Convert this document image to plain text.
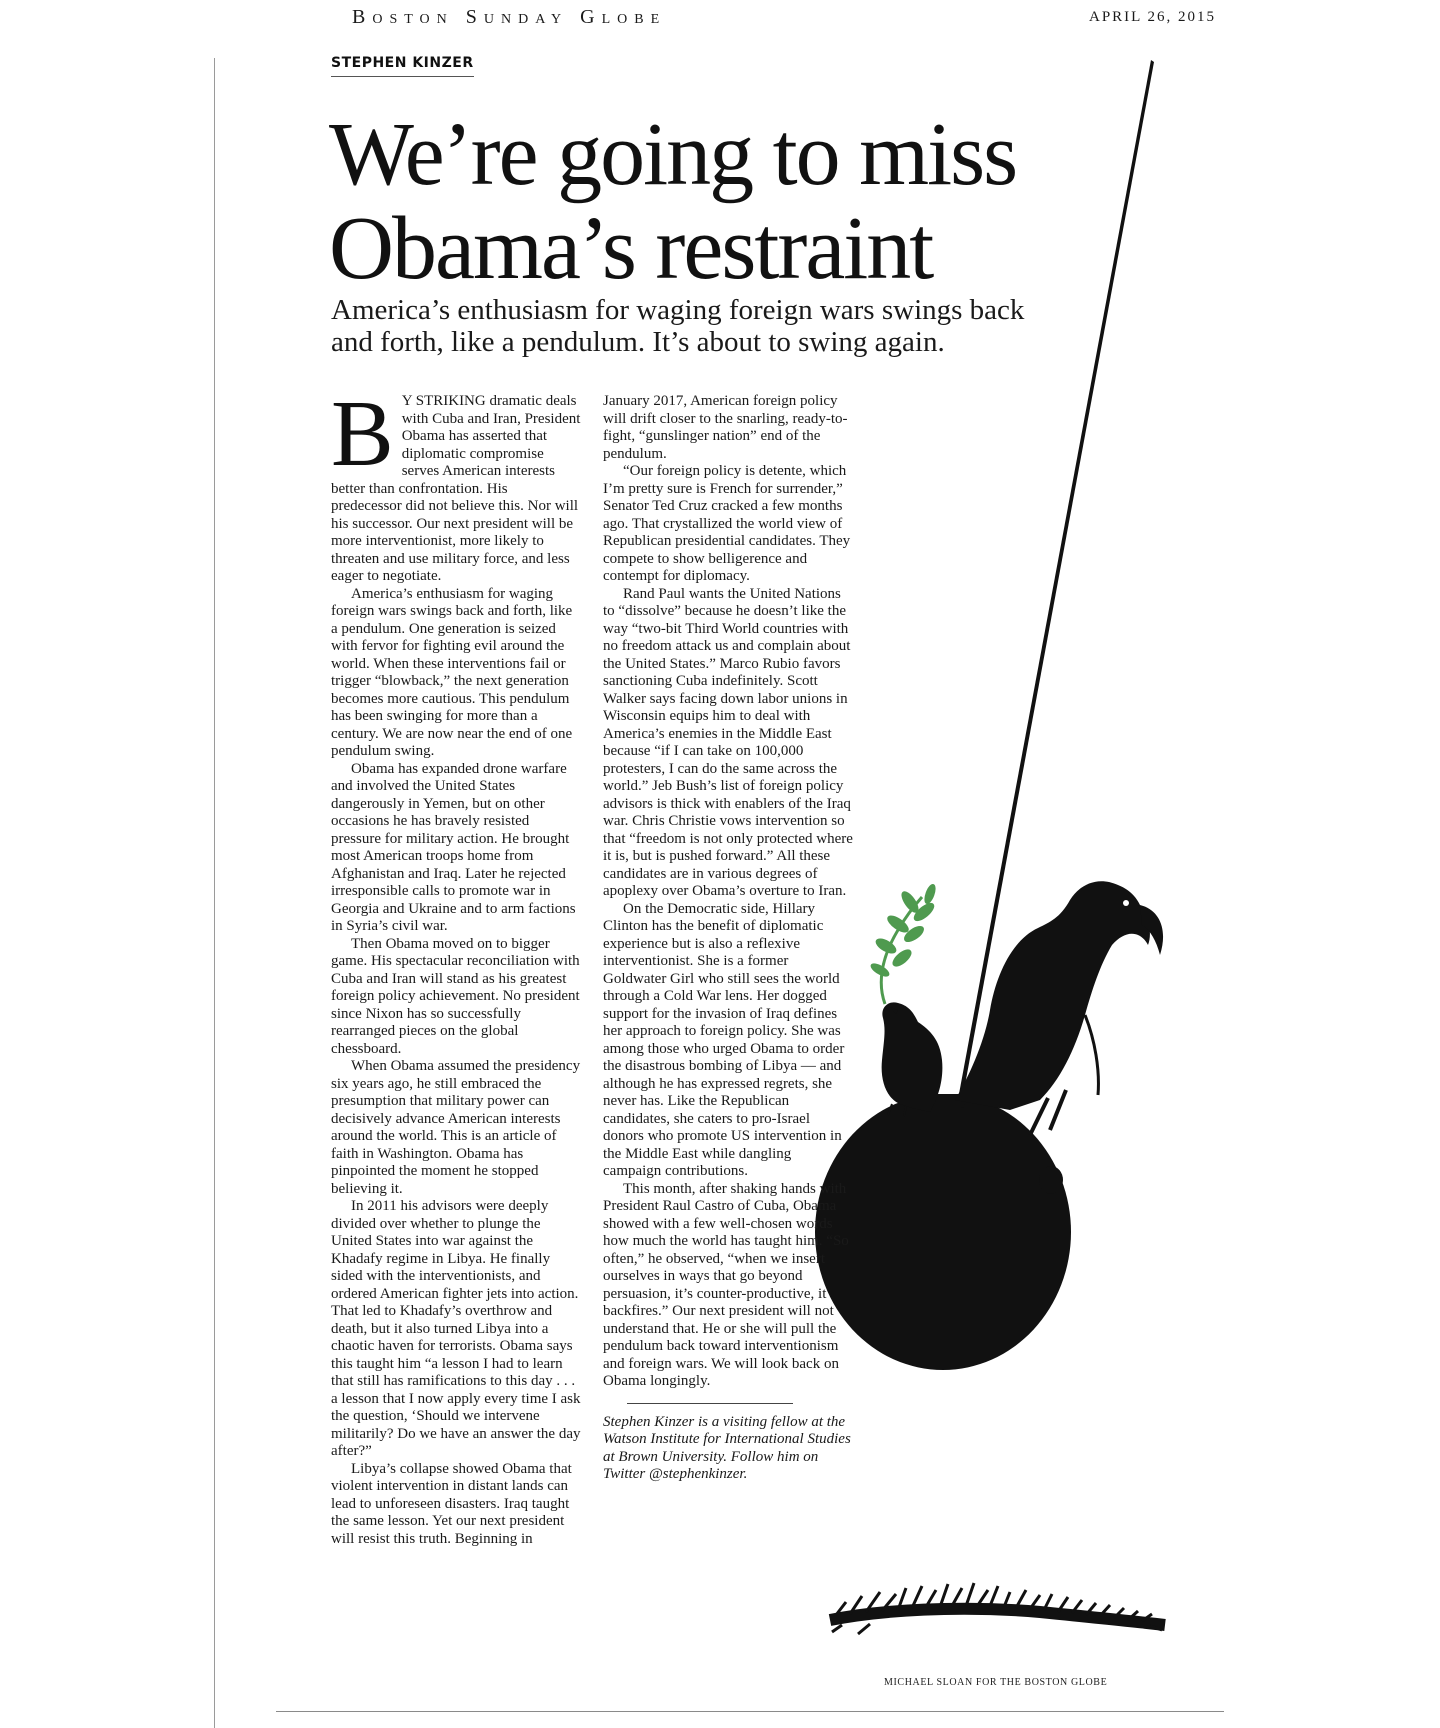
Boston Sunday Globe	APRIL 26, 2015
STEPHEN KINZER
We’re going to miss Obama’s restraint

America’s enthusiasm for waging foreign wars swings back and forth, like a pendulum. It’s about to swing again.

B Y STRIKING dramatic deals with Cuba and Iran, President Obama has asserted that diplomatic compromise serves American interests better than confrontation. His predecessor did not believe this. Nor will his successor. Our next president will be more interventionist, more likely to threaten and use military force, and less eager to negotiate.

America’s enthusiasm for waging foreign wars swings back and forth, like a pendulum. One generation is seized with fervor for fighting evil around the world. When these interventions fail or trigger “blowback,” the next generation becomes more cautious. This pendulum has been swinging for more than a century. We are now near the end of one pendulum swing.

Obama has expanded drone warfare and involved the United States dangerously in Yemen, but on other occasions he has bravely resisted pressure for military action. He brought most American troops home from Afghanistan and Iraq. Later he rejected irresponsible calls to promote war in Georgia and Ukraine and to arm factions in Syria’s civil war.

Then Obama moved on to bigger game. His spectacular reconciliation with Cuba and Iran will stand as his greatest foreign policy achievement. No president since Nixon has so successfully rearranged pieces on the global chessboard.

When Obama assumed the presidency six years ago, he still embraced the presumption that military power can decisively advance American interests around the world. This is an article of faith in Washington. Obama has pinpointed the moment he stopped believing it.

In 2011 his advisors were deeply divided over whether to plunge the United States into war against the Khadafy regime in Libya. He finally sided with the interventionists, and ordered American fighter jets into action. That led to Khadafy’s overthrow and death, but it also turned Libya into a chaotic haven for terrorists. Obama says this taught him “a lesson I had to learn that still has ramifications to this day . . . a lesson that I now apply every time I ask the question, ‘Should we intervene militarily? Do we have an answer the day after?”

Libya’s collapse showed Obama that violent intervention in distant lands can lead to unforeseen disasters. Iraq taught the same lesson. Yet our next president will resist this truth. Beginning in

January 2017, American foreign policy will drift closer to the snarling, ready-to-fight, “gunslinger nation” end of the pendulum.

“Our foreign policy is detente, which I’m pretty sure is French for surrender,” Senator Ted Cruz cracked a few months ago. That crystallized the world view of Republican presidential candidates. They compete to show belligerence and contempt for diplomacy.

Rand Paul wants the United Nations to “dissolve” because he doesn’t like the way “two-bit Third World countries with no freedom attack us and complain about the United States.” Marco Rubio favors sanctioning Cuba indefinitely. Scott Walker says facing down labor unions in Wisconsin equips him to deal with America’s enemies in the Middle East because “if I can take on 100,000 protesters, I can do the same across the world.” Jeb Bush’s list of foreign policy advisors is thick with enablers of the Iraq war. Chris Christie vows intervention so that “freedom is not only protected where it is, but is pushed forward.” All these candidates are in various degrees of apoplexy over Obama’s overture to Iran.

On the Democratic side, Hillary Clinton has the benefit of diplomatic experience but is also a reflexive interventionist. She is a former Goldwater Girl who still sees the world through a Cold War lens. Her dogged support for the invasion of Iraq defines her approach to foreign policy. She was among those who urged Obama to order the disastrous bombing of Libya — and although he has expressed regrets, she never has. Like the Republican candidates, she caters to pro-Israel donors who promote US intervention in the Middle East while dangling campaign contributions.

This month, after shaking hands with President Raul Castro of Cuba, Obama showed with a few well-chosen words how much the world has taught him. “So often,” he observed, “when we insert ourselves in ways that go beyond persuasion, it’s counter-productive, it backfires.” Our next president will not understand that. He or she will pull the pendulum back toward interventionism and foreign wars. We will look back on Obama longingly.

Stephen Kinzer is a visiting fellow at the Watson Institute for International Studies at Brown University. Follow him on Twitter @stephenkinzer.

MICHAEL SLOAN FOR THE BOSTON GLOBE
